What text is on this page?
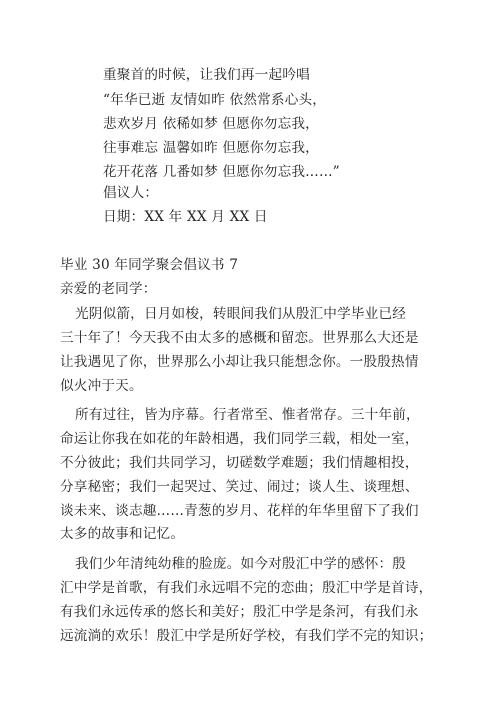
重聚首的时候，让我们再一起吟唱
“年华已逝 友情如昨 依然常系心头，
悲欢岁月 依稀如梦 但愿你勿忘我，
往事难忘 温馨如昨 但愿你勿忘我，
花开花落 几番如梦 但愿你勿忘我……”
倡议人：
日期：XX 年 XX 月 XX 日
毕业 30 年同学聚会倡议书 7
亲爱的老同学：
光阴似箭，日月如梭，转眼间我们从殷汇中学毕业已经
三十年了！今天我不由太多的感概和留恋。世界那么大还是
让我遇见了你，世界那么小却让我只能想念你。一股殷热情
似火冲于天。
所有过往，皆为序幕。行者常至、惟者常存。三十年前，
命运让你我在如花的年龄相遇，我们同学三载，相处一室，
不分彼此；我们共同学习，切磋数学难题；我们情趣相投，
分享秘密；我们一起哭过、笑过、闹过；谈人生、谈理想、
谈未来、谈志趣……青葱的岁月、花样的年华里留下了我们
太多的故事和记忆。
我们少年清纯幼稚的脸庞。如今对殷汇中学的感怀：殷
汇中学是首歌，有我们永远唱不完的恋曲；殷汇中学是首诗，
有我们永远传承的悠长和美好；殷汇中学是条河，有我们永
远流淌的欢乐！殷汇中学是所好学校，有我们学不完的知识；
